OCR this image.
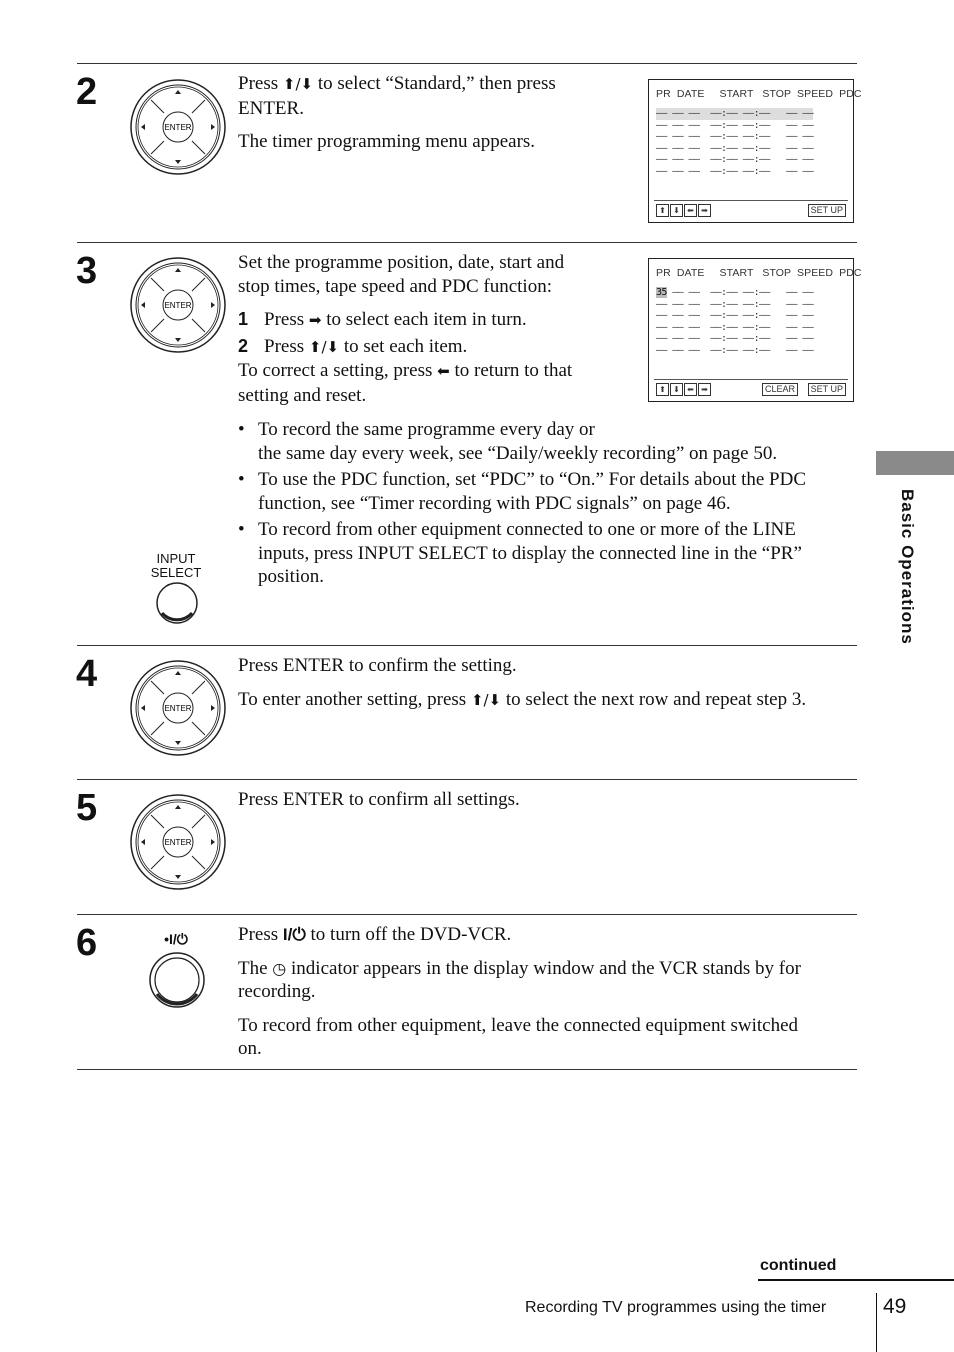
Basic Operations
2
ENTER

Press ⬆/⬇ to select “Standard,” then press

ENTER.

The timer programming menu appears.

PR  DATE     START   STOP  SPEED  PDC
–– –– ––  ––:–– ––:––   –– ––
–– –– ––  ––:–– ––:––   –– ––
–– –– ––  ––:–– ––:––   –– ––
–– –– ––  ––:–– ––:––   –– ––
–– –– ––  ––:–– ––:––   –– ––
–– –– ––  ––:–– ––:––   –– ––
⬆ ⬇ ⬅ ➡	SET UP
3
ENTER

Set the programme position, date, start and

stop times, tape speed and PDC function:

1 Press ➡ to select each item in turn.

2 Press ⬆/⬇ to set each item.

To correct a setting, press ⬅ to return to that

setting and reset.

PR  DATE     START   STOP  SPEED  PDC
35 –– ––  ––:–– ––:––   –– ––
–– –– ––  ––:–– ––:––   –– ––
–– –– ––  ––:–– ––:––   –– ––
–– –– ––  ––:–– ––:––   –– ––
–– –– ––  ––:–– ––:––   –– ––
–– –– ––  ––:–– ––:––   –– ––
⬆ ⬇ ⬅ ➡	CLEAR	SET UP
• To record the same programme every day or

the same day every week, see “Daily/weekly recording” on page 50.

• To use the PDC function, set “PDC” to “On.” For details about the PDC

function, see “Timer recording with PDC signals” on page 46.

• To record from other equipment connected to one or more of the LINE

inputs, press INPUT SELECT to display the connected line in the “PR”

position.

INPUT
SELECT
4
ENTER

Press ENTER to confirm the setting.

To enter another setting, press ⬆/⬇ to select the next row and repeat step 3.

5
ENTER

Press ENTER to confirm all settings.

6	•I/⏻	Press I/⏻ to turn off the DVD-VCR.

The ◷ indicator appears in the display window and the VCR stands by for

recording.

To record from other equipment, leave the connected equipment switched

on.

continued
Recording TV programmes using the timer	49
